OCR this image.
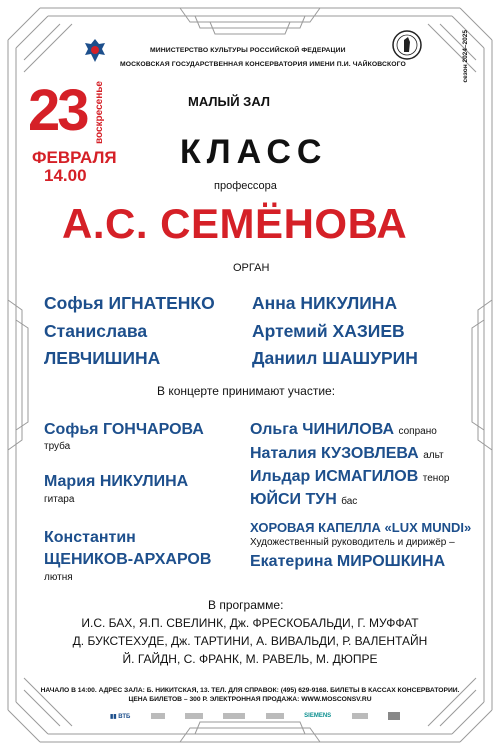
МИНИСТЕРСТВО КУЛЬТУРЫ РОССИЙСКОЙ ФЕДЕРАЦИИ
МОСКОВСКАЯ ГОСУДАРСТВЕННАЯ КОНСЕРВАТОРИЯ ИМЕНИ П.И. ЧАЙКОВСКОГО	сезон 2024–2025
23 воскресенье
ФЕВРАЛЯ
14.00
МАЛЫЙ ЗАЛ
КЛАСС
профессора
А.С. СЕМЁНОВА
ОРГАН
Софья ИГНАТЕНКО
Станислава
ЛЕВЧИШИНА
Анна НИКУЛИНА
Артемий ХАЗИЕВ
Даниил ШАШУРИН
В концерте принимают участие:
Софья ГОНЧАРОВА
труба
Мария НИКУЛИНА
гитара
Константин
ЩЕНИКОВ-АРХАРОВ
лютня
Ольга ЧИНИЛОВА сопрано
Наталия КУЗОВЛЕВА альт
Ильдар ИСМАГИЛОВ тенор
ЮЙСИ ТУН бас
ХОРОВАЯ КАПЕЛЛА «LUX MUNDI»
Художественный руководитель и дирижёр –
Екатерина МИРОШКИНА
В программе:
И.С. БАХ, Я.П. СВЕЛИНК, Дж. ФРЕСКОБАЛЬДИ, Г. МУФФАТ
Д. БУКСТЕХУДЕ, Дж. ТАРТИНИ, А. ВИВАЛЬДИ, Р. ВАЛЕНТАЙН
Й. ГАЙДН, С. ФРАНК, М. РАВЕЛЬ, М. ДЮПРЕ
НАЧАЛО В 14:00. АДРЕС ЗАЛА: Б. НИКИТСКАЯ, 13. ТЕЛ. ДЛЯ СПРАВОК: (495) 629-9168. БИЛЕТЫ В КАССАХ КОНСЕРВАТОРИИ.
ЦЕНА БИЛЕТОВ – 300 Р. ЭЛЕКТРОННАЯ ПРОДАЖА: WWW.MOSCONSV.RU
▮▮ ВТБ	SIEMENS
